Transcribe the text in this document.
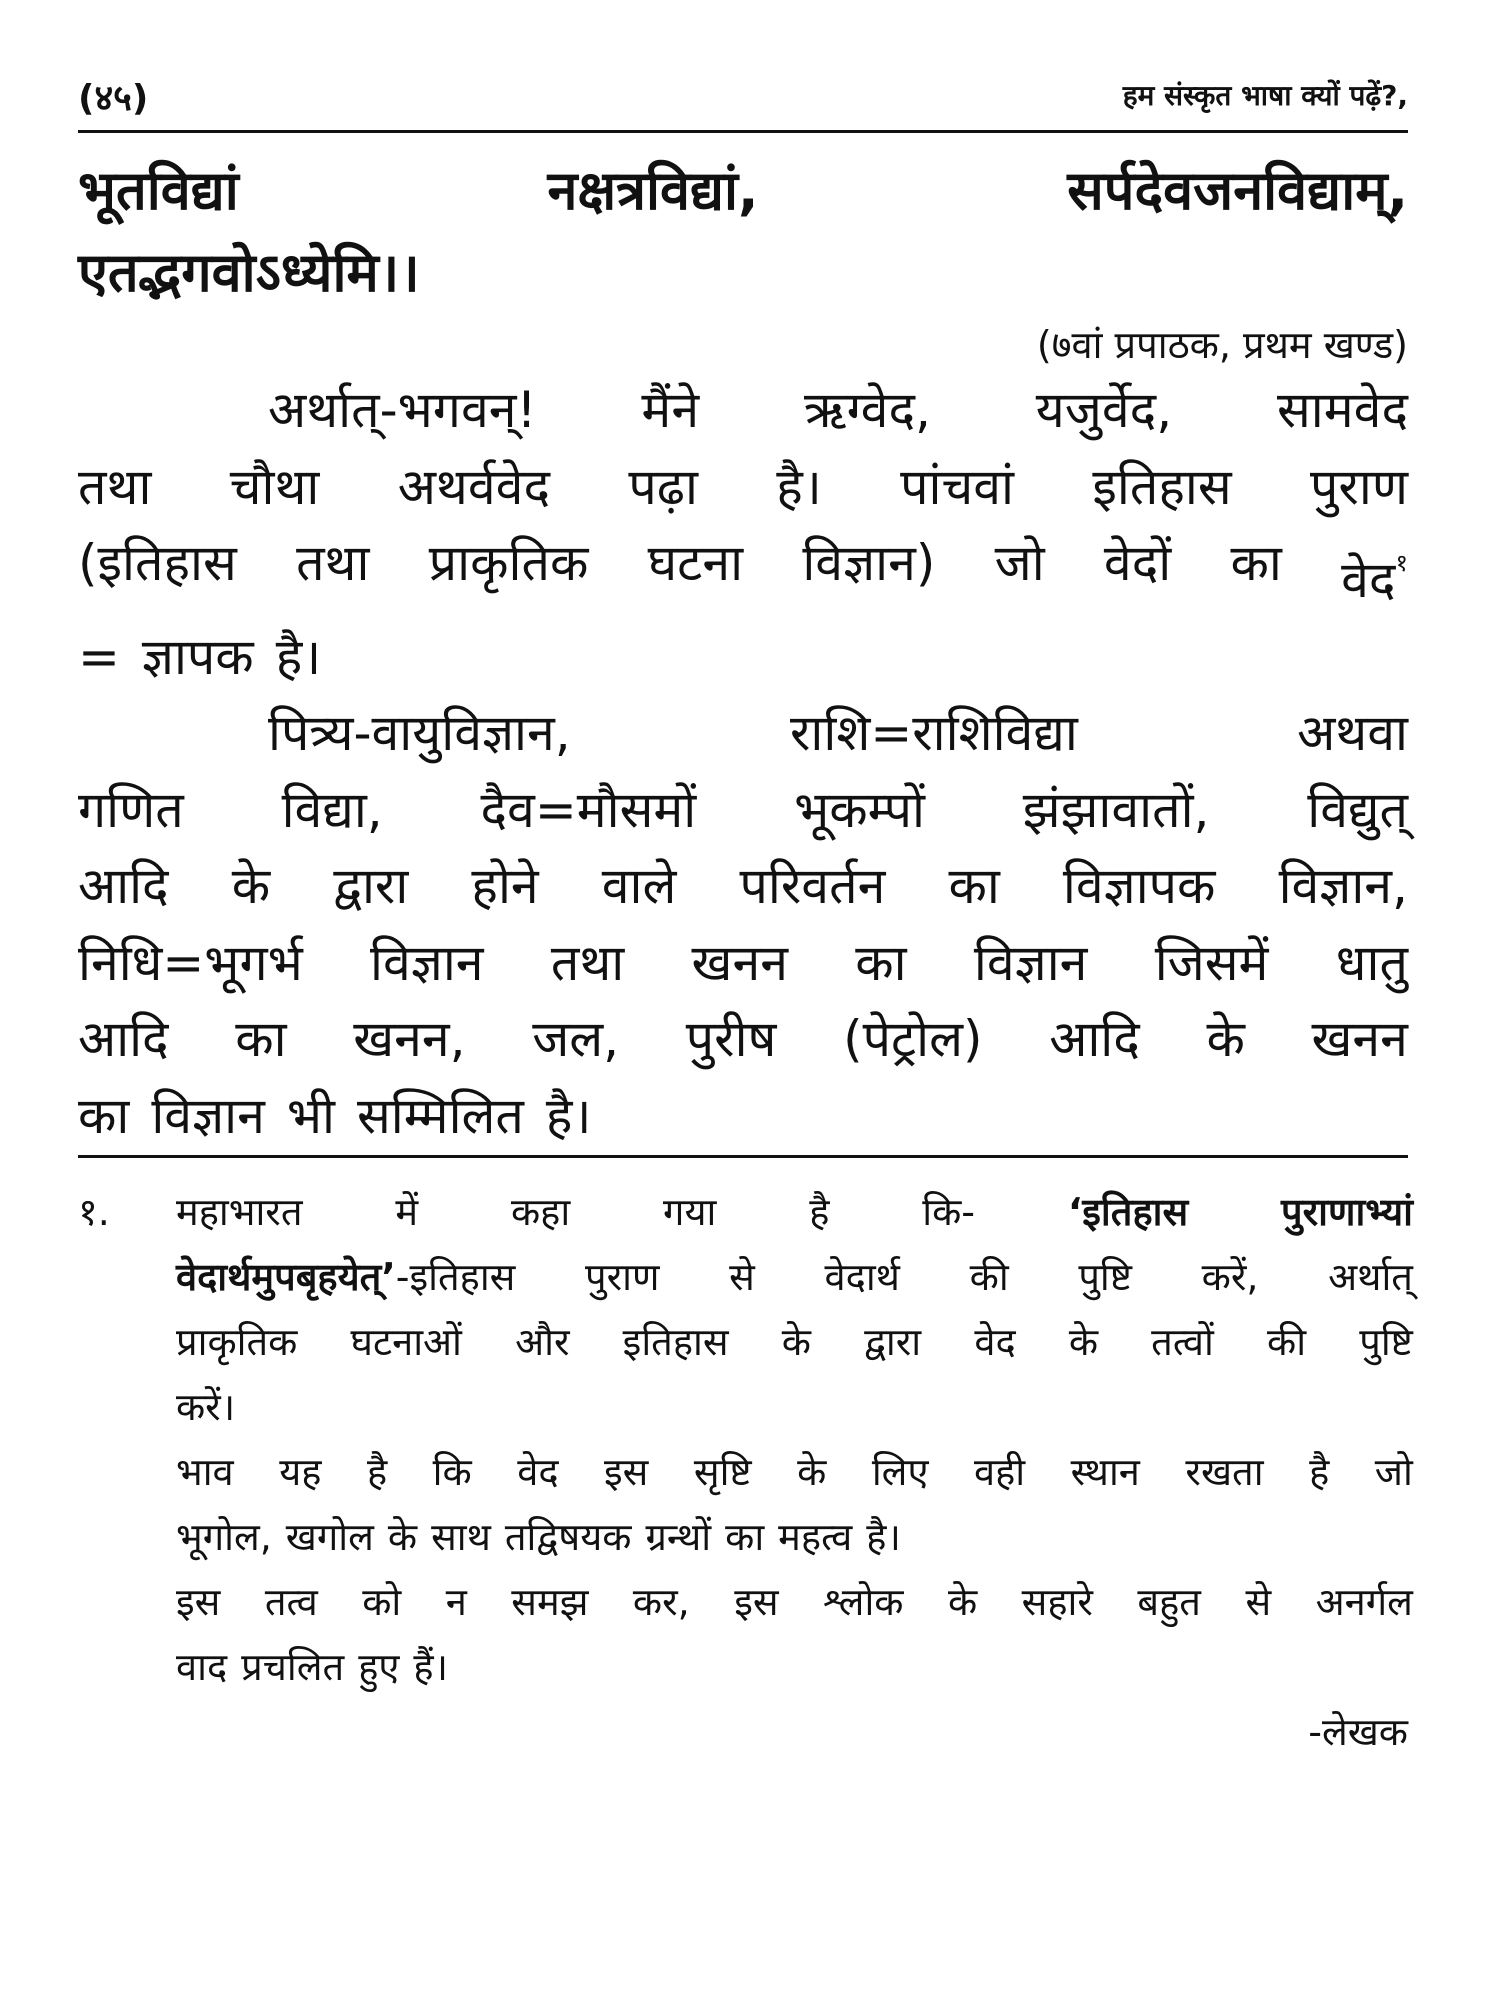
(४५)	हम संस्कृत भाषा क्यों पढ़ें?,
भूतविद्यां	नक्षत्रविद्यां,	सर्पदेवजनविद्याम्,
एतद्भगवोऽध्येमि।।
(७वां प्रपाठक, प्रथम खण्ड)
अर्थात्-भगवन्! मैंने ऋग्वेद, यजुर्वेद, सामवेद
तथा चौथा अथर्ववेद पढ़ा है। पांचवां इतिहास पुराण
(इतिहास तथा प्राकृतिक घटना विज्ञान) जो वेदों का वेद$^१$
= ज्ञापक है।
पित्र्य-वायुविज्ञान,	राशि=राशिविद्या	अथवा
गणित विद्या, दैव=मौसमों भूकम्पों झंझावातों, विद्युत्
आदि के द्वारा होने वाले परिवर्तन का विज्ञापक विज्ञान,
निधि=भूगर्भ विज्ञान तथा खनन का विज्ञान जिसमें धातु
आदि का खनन, जल, पुरीष (पेट्रोल) आदि के खनन
का विज्ञान भी सम्मिलित है।
१. महाभारत में कहा गया है कि- ‘इतिहास पुराणाभ्यां
वेदार्थमुपबृहयेत्’-इतिहास पुराण से वेदार्थ की पुष्टि करें, अर्थात्
प्राकृतिक घटनाओं और इतिहास के द्वारा वेद के तत्वों की पुष्टि
करें।
भाव यह है कि वेद इस सृष्टि के लिए वही स्थान रखता है जो
भूगोल, खगोल के साथ तद्विषयक ग्रन्थों का महत्व है।
इस तत्व को न समझ कर, इस श्लोक के सहारे बहुत से अनर्गल
वाद प्रचलित हुए हैं।
-लेखक
